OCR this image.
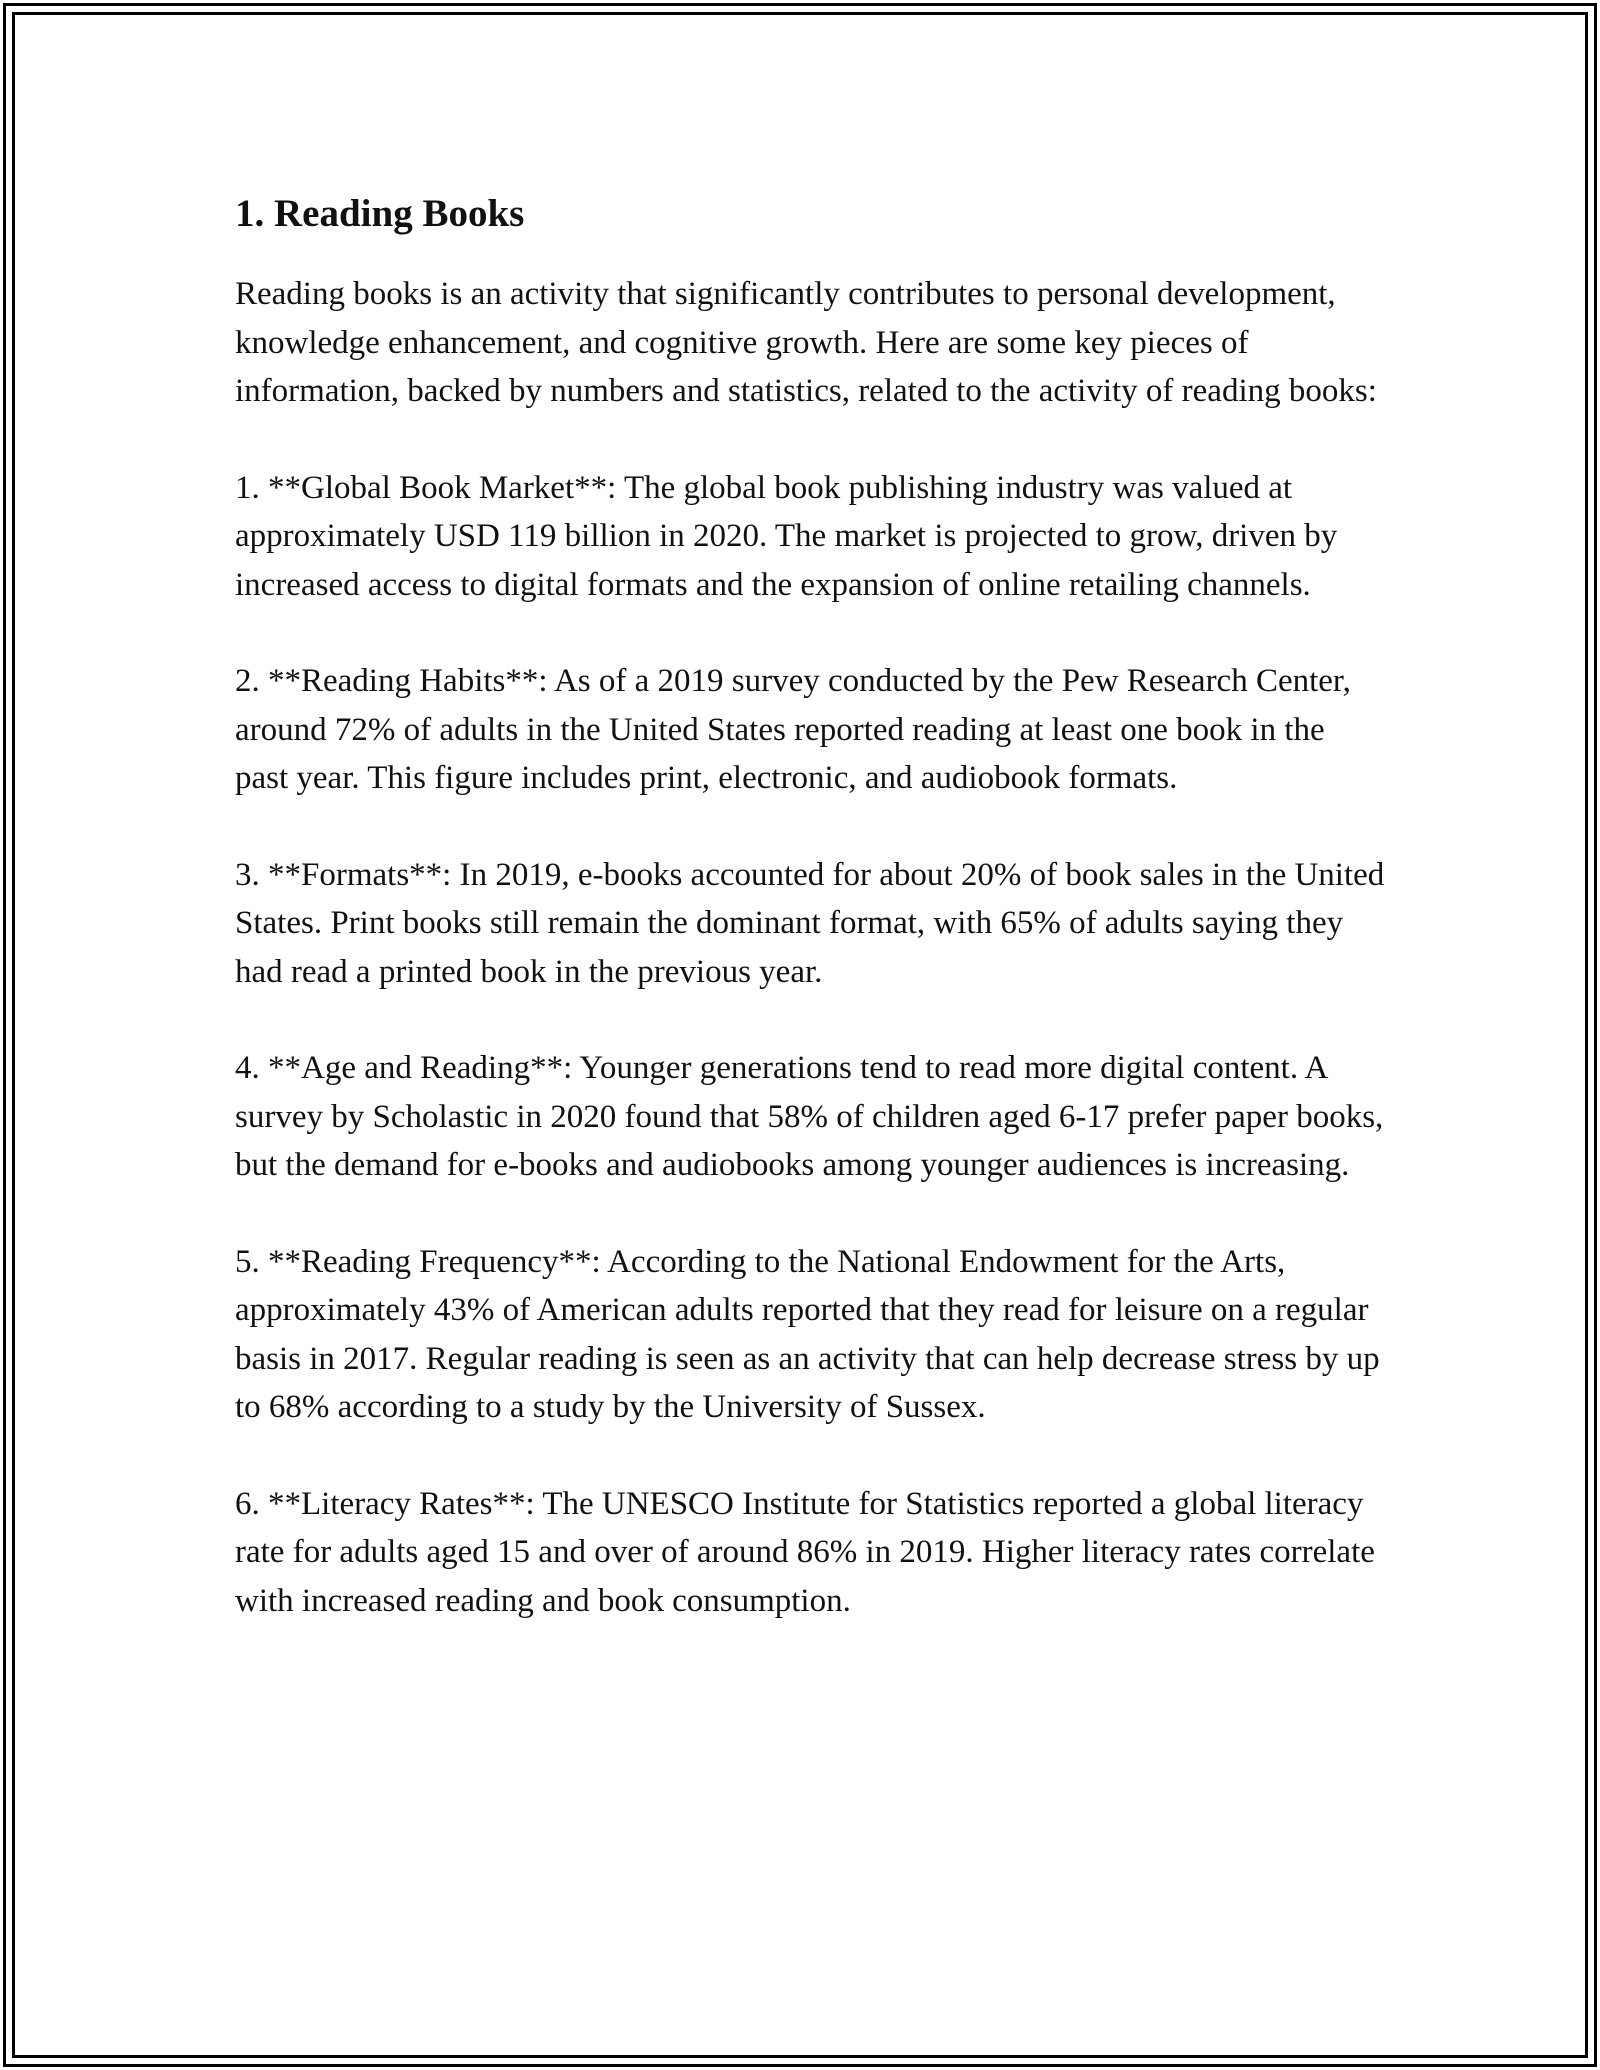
1. Reading Books

Reading books is an activity that significantly contributes to personal development, knowledge enhancement, and cognitive growth. Here are some key pieces of information, backed by numbers and statistics, related to the activity of reading books:

1. **Global Book Market**: The global book publishing industry was valued at approximately USD 119 billion in 2020. The market is projected to grow, driven by increased access to digital formats and the expansion of online retailing channels.

2. **Reading Habits**: As of a 2019 survey conducted by the Pew Research Center, around 72% of adults in the United States reported reading at least one book in the past year. This figure includes print, electronic, and audiobook formats.

3. **Formats**: In 2019, e-books accounted for about 20% of book sales in the United States. Print books still remain the dominant format, with 65% of adults saying they had read a printed book in the previous year.

4. **Age and Reading**: Younger generations tend to read more digital content. A survey by Scholastic in 2020 found that 58% of children aged 6-17 prefer paper books, but the demand for e-books and audiobooks among younger audiences is increasing.

5. **Reading Frequency**: According to the National Endowment for the Arts, approximately 43% of American adults reported that they read for leisure on a regular basis in 2017. Regular reading is seen as an activity that can help decrease stress by up to 68% according to a study by the University of Sussex.

6. **Literacy Rates**: The UNESCO Institute for Statistics reported a global literacy rate for adults aged 15 and over of around 86% in 2019. Higher literacy rates correlate with increased reading and book consumption.
